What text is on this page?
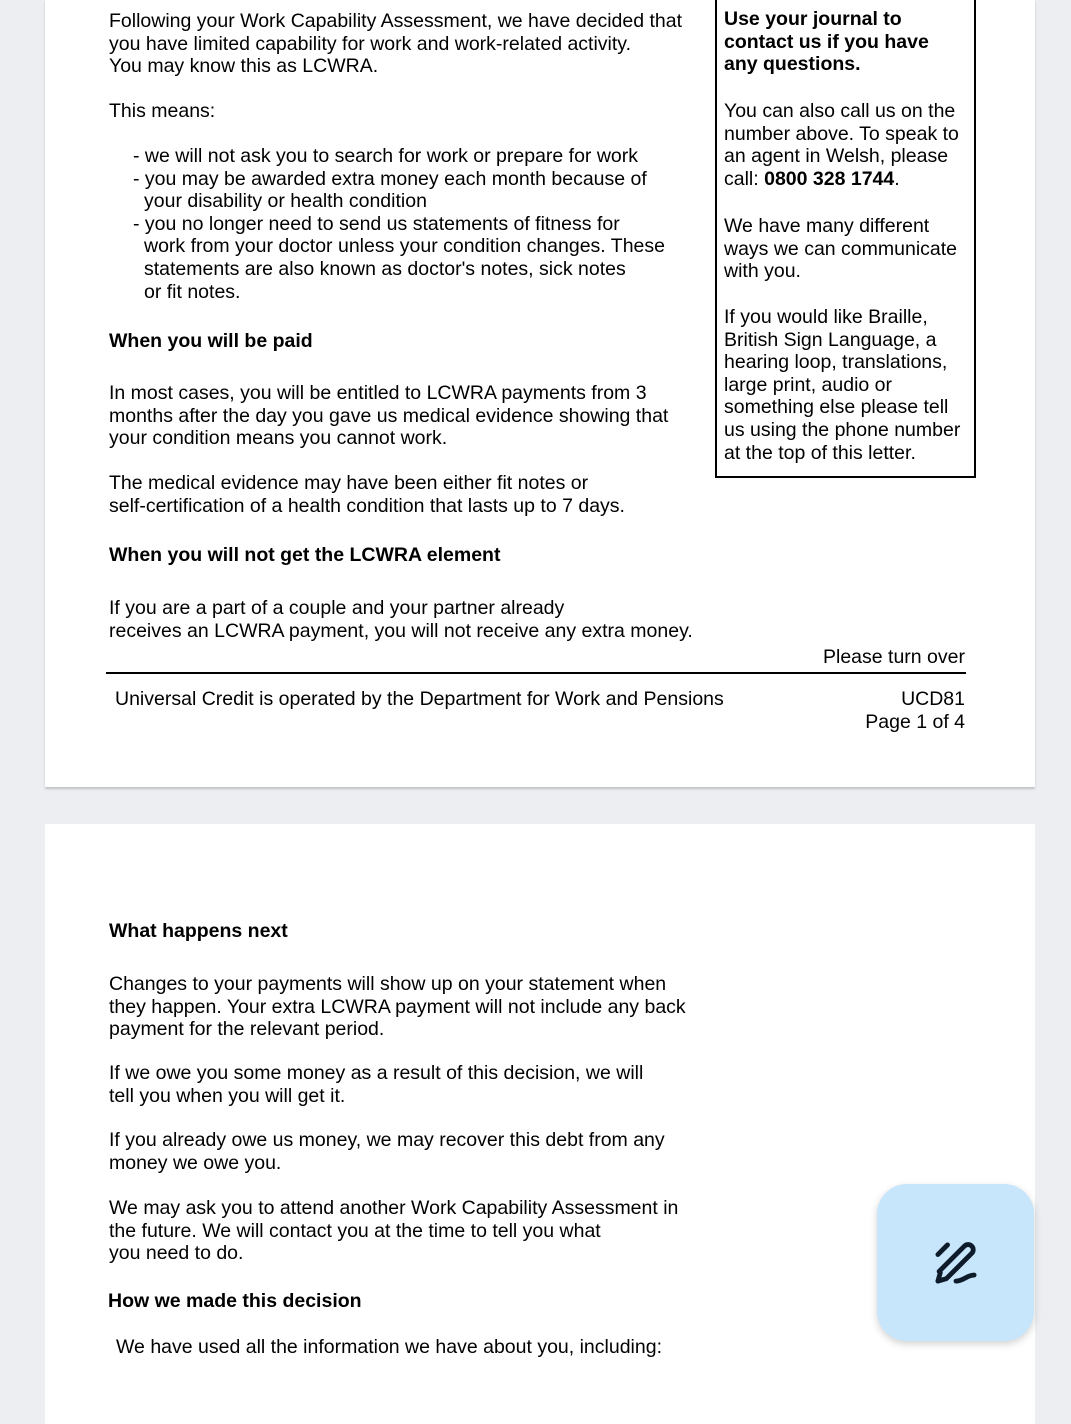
Following your Work Capability Assessment, we have decided that
you have limited capability for work and work-related activity.
You may know this as LCWRA.

This means:

- we will not ask you to search for work or prepare for work
- you may be awarded extra money each month because of
your disability or health condition
- you no longer need to send us statements of fitness for
work from your doctor unless your condition changes. These
statements are also known as doctor's notes, sick notes
or fit notes.

When you will be paid

In most cases, you will be entitled to LCWRA payments from 3
months after the day you gave us medical evidence showing that
your condition means you cannot work.
The medical evidence may have been either fit notes or
self-certification of a health condition that lasts up to 7 days.

When you will not get the LCWRA element

If you are a part of a couple and your partner already
receives an LCWRA payment, you will not receive any extra money.
Use your journal to
contact us if you have
any questions.
You can also call us on the
number above. To speak to
an agent in Welsh, please
call: 0800 328 1744.
We have many different
ways we can communicate
with you.
If you would like Braille,
British Sign Language, a
hearing loop, translations,
large print, audio or
something else please tell
us using the phone number
at the top of this letter.

Please turn over

Universal Credit is operated by the Department for Work and Pensions	UCD81

Page 1 of 4

What happens next

Changes to your payments will show up on your statement when
they happen. Your extra LCWRA payment will not include any back
payment for the relevant period.
If we owe you some money as a result of this decision, we will
tell you when you will get it.
If you already owe us money, we may recover this debt from any
money we owe you.
We may ask you to attend another Work Capability Assessment in
the future. We will contact you at the time to tell you what
you need to do.

How we made this decision

We have used all the information we have about you, including:
